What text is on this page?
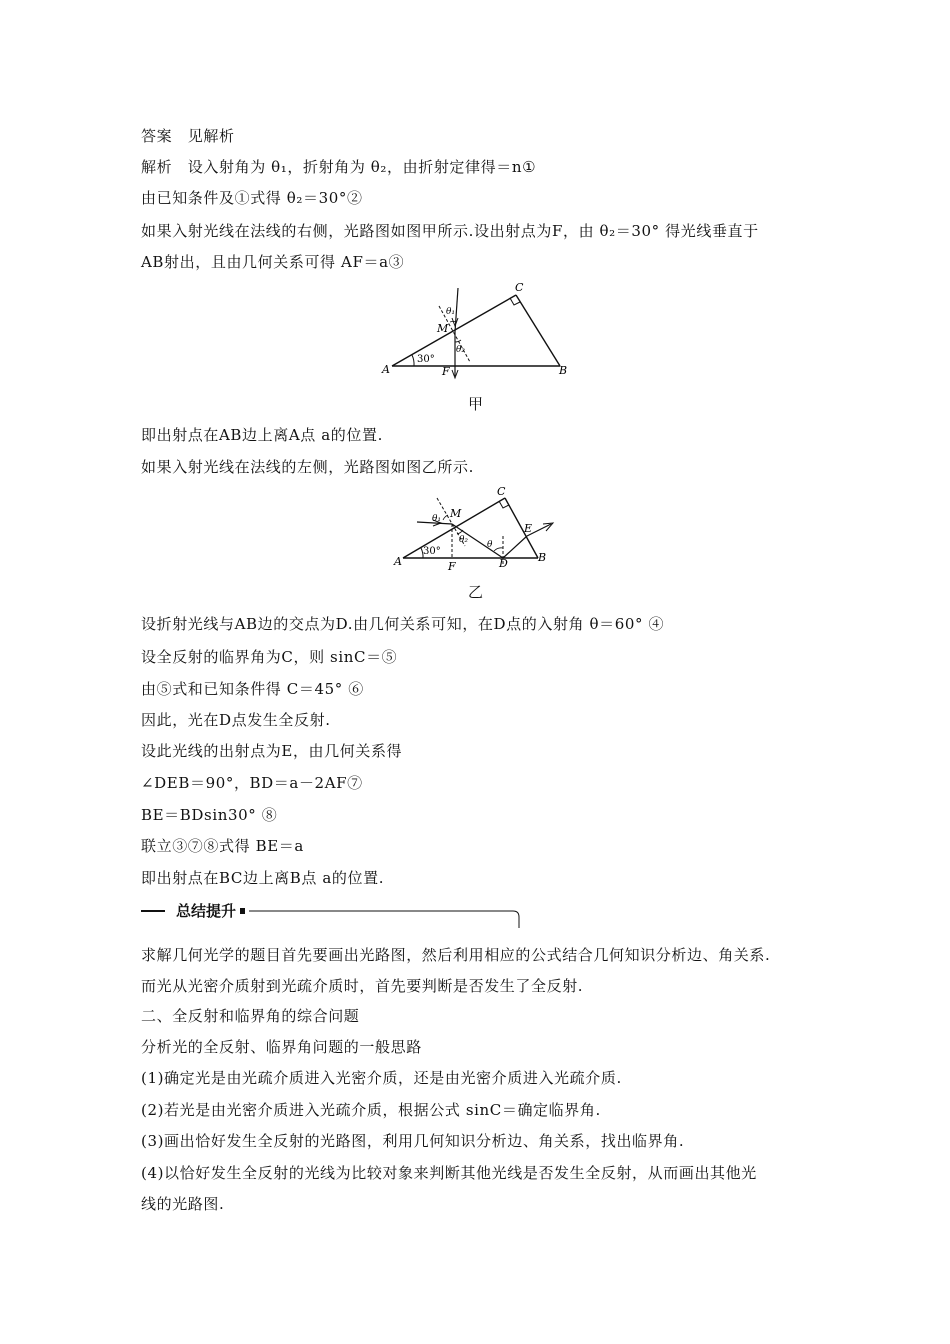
答案　见解析
解析　设入射角为 θ₁，折射角为 θ₂，由折射定律得＝n①
由已知条件及①式得 θ₂＝30°②
如果入射光线在法线的右侧，光路图如图甲所示.设出射点为F，由 θ₂＝30° 得光线垂直于
AB射出，且由几何关系可得 AF＝a③
A	B
C
M
F
30°
θ₁
θ₂
甲
即出射点在AB边上离A点 a的位置.
如果入射光线在法线的左侧，光路图如图乙所示.
A	B
C
M
F	D
E
30°
θ₁
θ₂ θ
乙
设折射光线与AB边的交点为D.由几何关系可知，在D点的入射角 θ＝60° ④
设全反射的临界角为C，则 sinC＝⑤
由⑤式和已知条件得 C＝45° ⑥
因此，光在D点发生全反射.
设此光线的出射点为E，由几何关系得
∠DEB＝90°，BD＝a－2AF⑦
BE＝BDsin30° ⑧
联立③⑦⑧式得 BE＝a
即出射点在BC边上离B点 a的位置.
总结提升
求解几何光学的题目首先要画出光路图，然后利用相应的公式结合几何知识分析边、角关系.
而光从光密介质射到光疏介质时，首先要判断是否发生了全反射.
二、全反射和临界角的综合问题
分析光的全反射、临界角问题的一般思路
(1)确定光是由光疏介质进入光密介质，还是由光密介质进入光疏介质.
(2)若光是由光密介质进入光疏介质，根据公式 sinC＝确定临界角.
(3)画出恰好发生全反射的光路图，利用几何知识分析边、角关系，找出临界角.
(4)以恰好发生全反射的光线为比较对象来判断其他光线是否发生全反射，从而画出其他光
线的光路图.
